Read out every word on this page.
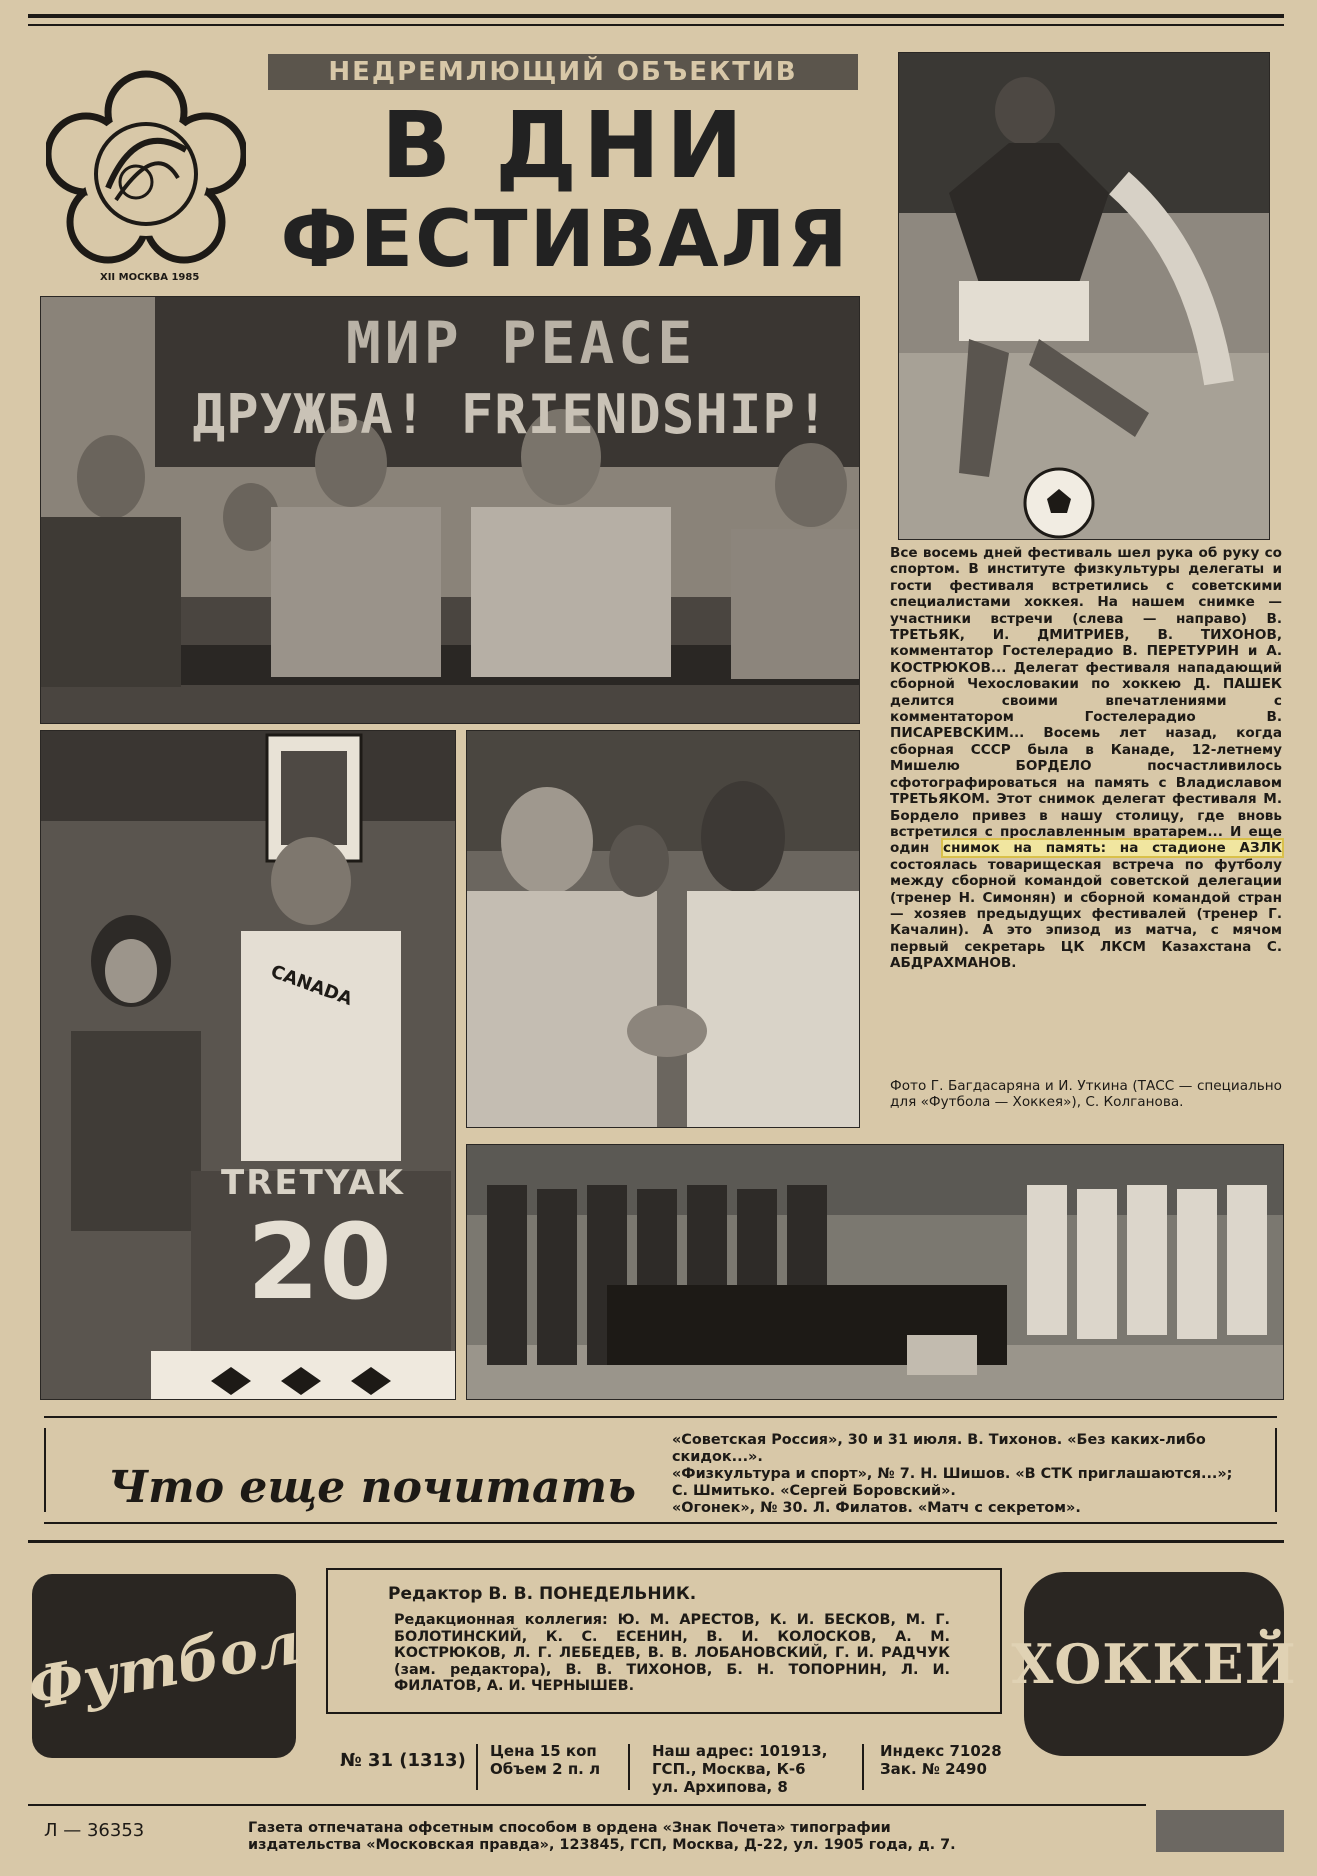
XII МОСКВА 1985
НЕДРЕМЛЮЩИЙ ОБЪЕКТИВ
В ДНИ
ФЕСТИВАЛЯ
МИР PEACE
ДРУЖБА! FRIENDSHIP!
CANADA
TRETYAK
20
Все восемь дней фестиваль шел рука об руку со спортом. В институте физкультуры делегаты и гости фестиваля встретились с советскими специалистами хоккея. На нашем снимке — участники встречи (слева — направо) В. ТРЕТЬЯК, И. ДМИТРИЕВ, В. ТИХОНОВ, комментатор Гостелерадио В. ПЕРЕТУРИН и А. КОСТРЮКОВ... Делегат фестиваля нападающий сборной Чехословакии по хоккею Д. ПАШЕК делится своими впечатлениями с комментатором Гостелерадио В. ПИСАРЕВСКИМ... Восемь лет назад, когда сборная СССР была в Канаде, 12-летнему Мишелю БОРДЕЛО посчастливилось сфотографироваться на память с Владиславом ТРЕТЬЯКОМ. Этот снимок делегат фестиваля М. Бордело привез в нашу столицу, где вновь встретился с прославленным вратарем... И еще один снимок на память: на стадионе АЗЛК состоялась товарищеская встреча по футболу между сборной командой советской делегации (тренер Н. Симонян) и сборной командой стран — хозяев предыдущих фестивалей (тренер Г. Качалин). А это эпизод из матча, с мячом первый секретарь ЦК ЛКСМ Казахстана С. АБДРАХМАНОВ.
Фото Г. Багдасаряна и И. Уткина (ТАСС — специально для «Футбола — Хоккея»), С. Колганова.
Что еще почитать
«Советская Россия», 30 и 31 июля. В. Тихонов. «Без каких-либо скидок...».
«Физкультура и спорт», № 7. Н. Шишов. «В СТК приглашаются...»; С. Шмитько. «Сергей Боровский».
«Огонек», № 30. Л. Филатов. «Матч с секретом».
Футбол	ХОККЕЙ
Редактор В. В. ПОНЕДЕЛЬНИК.
Редакционная коллегия: Ю. М. АРЕСТОВ, К. И. БЕСКОВ, М. Г. БОЛОТИНСКИЙ, К. С. ЕСЕНИН, В. И. КОЛОСКОВ, А. М. КОСТРЮКОВ, Л. Г. ЛЕБЕДЕВ, В. В. ЛОБАНОВСКИЙ, Г. И. РАДЧУК (зам. редактора), В. В. ТИХОНОВ, Б. Н. ТОПОРНИН, Л. И. ФИЛАТОВ, А. И. ЧЕРНЫШЕВ.
№ 31 (1313) Цена 15 коп
Объем 2 п. л
Наш адрес: 101913,
ГСП., Москва, К-6
ул. Архипова, 8
Индекс 71028
Зак. № 2490
Л — 36353	Газета отпечатана офсетным способом в ордена «Знак Почета» типографии
издательства «Московская правда», 123845, ГСП, Москва, Д-22, ул. 1905 года, д. 7.
